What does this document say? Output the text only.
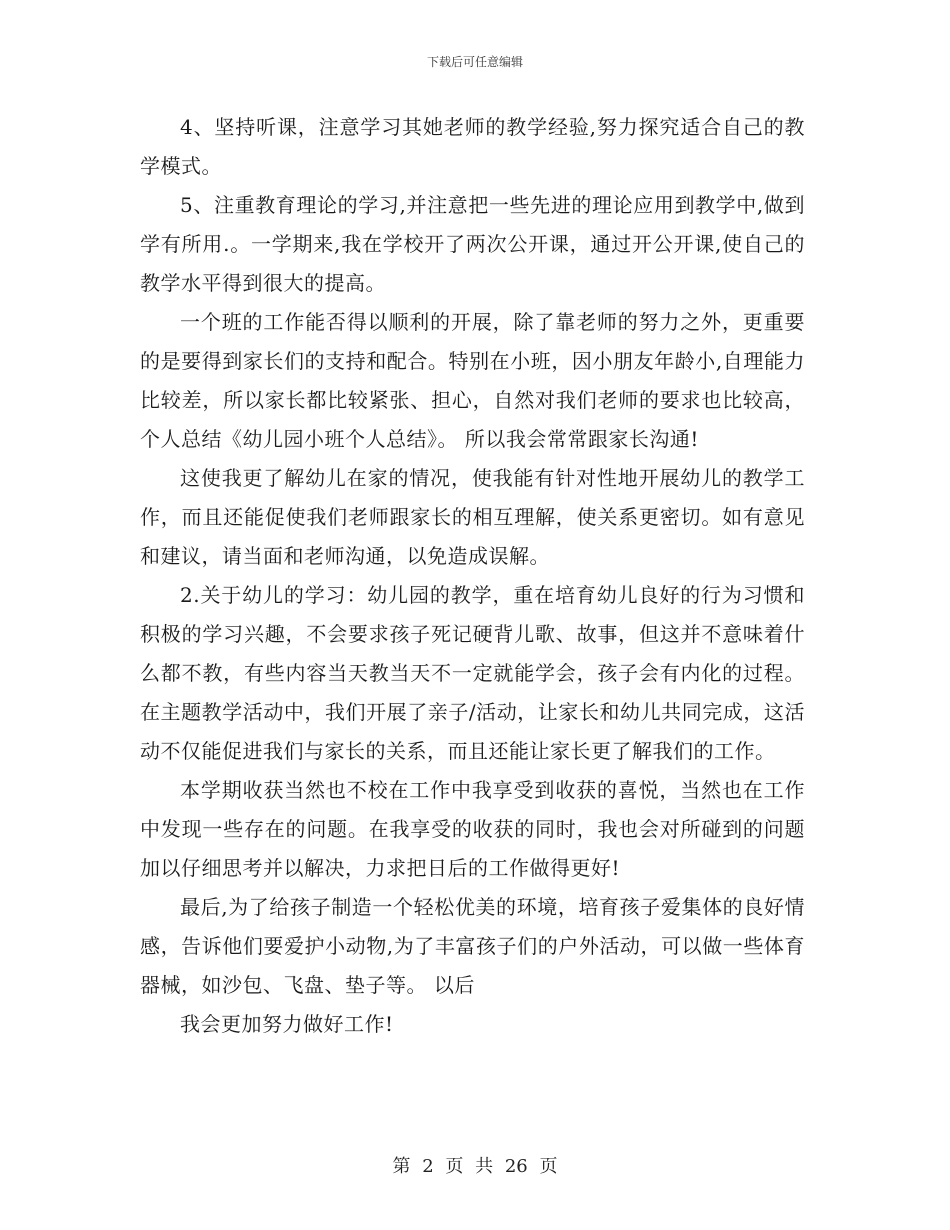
下载后可任意编辑

4、坚持听课，注意学习其她老师的教学经验,努力探究适合自己的教学模式。

5、注重教育理论的学习,并注意把一些先进的理论应用到教学中,做到学有所用.。一学期来,我在学校开了两次公开课，通过开公开课,使自己的教学水平得到很大的提高。

一个班的工作能否得以顺利的开展，除了靠老师的努力之外，更重要的是要得到家长们的支持和配合。特别在小班，因小朋友年龄小,自理能力比较差，所以家长都比较紧张、担心，自然对我们老师的要求也比较高，个人总结《幼儿园小班个人总结》。 所以我会常常跟家长沟通!

这使我更了解幼儿在家的情况，使我能有针对性地开展幼儿的教学工作，而且还能促使我们老师跟家长的相互理解，使关系更密切。如有意见和建议，请当面和老师沟通，以免造成误解。

2.关于幼儿的学习：幼儿园的教学，重在培育幼儿良好的行为习惯和积极的学习兴趣，不会要求孩子死记硬背儿歌、故事，但这并不意味着什么都不教，有些内容当天教当天不一定就能学会，孩子会有内化的过程。 在主题教学活动中，我们开展了亲子/活动，让家长和幼儿共同完成，这活动不仅能促进我们与家长的关系，而且还能让家长更了解我们的工作。

本学期收获当然也不校在工作中我享受到收获的喜悦，当然也在工作中发现一些存在的问题。在我享受的收获的同时，我也会对所碰到的问题加以仔细思考并以解决，力求把日后的工作做得更好!

最后,为了给孩子制造一个轻松优美的环境，培育孩子爱集体的良好情感，告诉他们要爱护小动物,为了丰富孩子们的户外活动，可以做一些体育器械，如沙包、飞盘、垫子等。 以后

我会更加努力做好工作!

第 2 页 共 26 页
